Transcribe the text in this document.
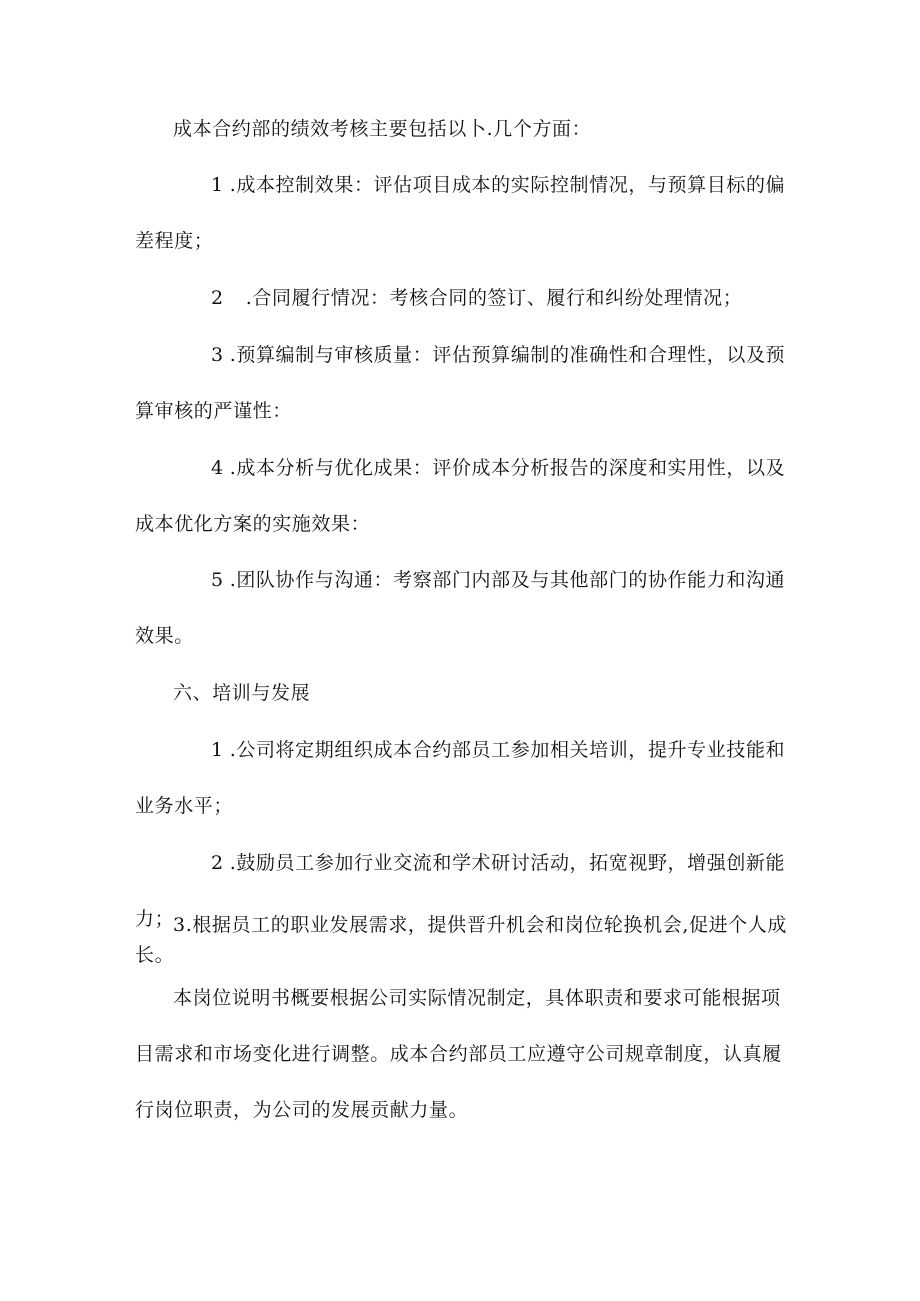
成本合约部的绩效考核主要包括以卜.几个方面：

1 .成本控制效果：评估项目成本的实际控制情况，与预算目标的偏差程度；

2 .合同履行情况：考核合同的签订、履行和纠纷处理情况；

3 .预算编制与审核质量：评估预算编制的准确性和合理性，以及预算审核的严谨性：

4 .成本分析与优化成果：评价成本分析报告的深度和实用性，以及成本优化方案的实施效果：

5 .团队协作与沟通：考察部门内部及与其他部门的协作能力和沟通效果。

六、培训与发展

1 .公司将定期组织成本合约部员工参加相关培训，提升专业技能和业务水平；

2 .鼓励员工参加行业交流和学术研讨活动，拓宽视野，增强创新能力；

3.根据员工的职业发展需求，提供晋升机会和岗位轮换机会,促进个人成长。

本岗位说明书概要根据公司实际情况制定，具体职责和要求可能根据项目需求和市场变化进行调整。成本合约部员工应遵守公司规章制度，认真履行岗位职责，为公司的发展贡献力量。
